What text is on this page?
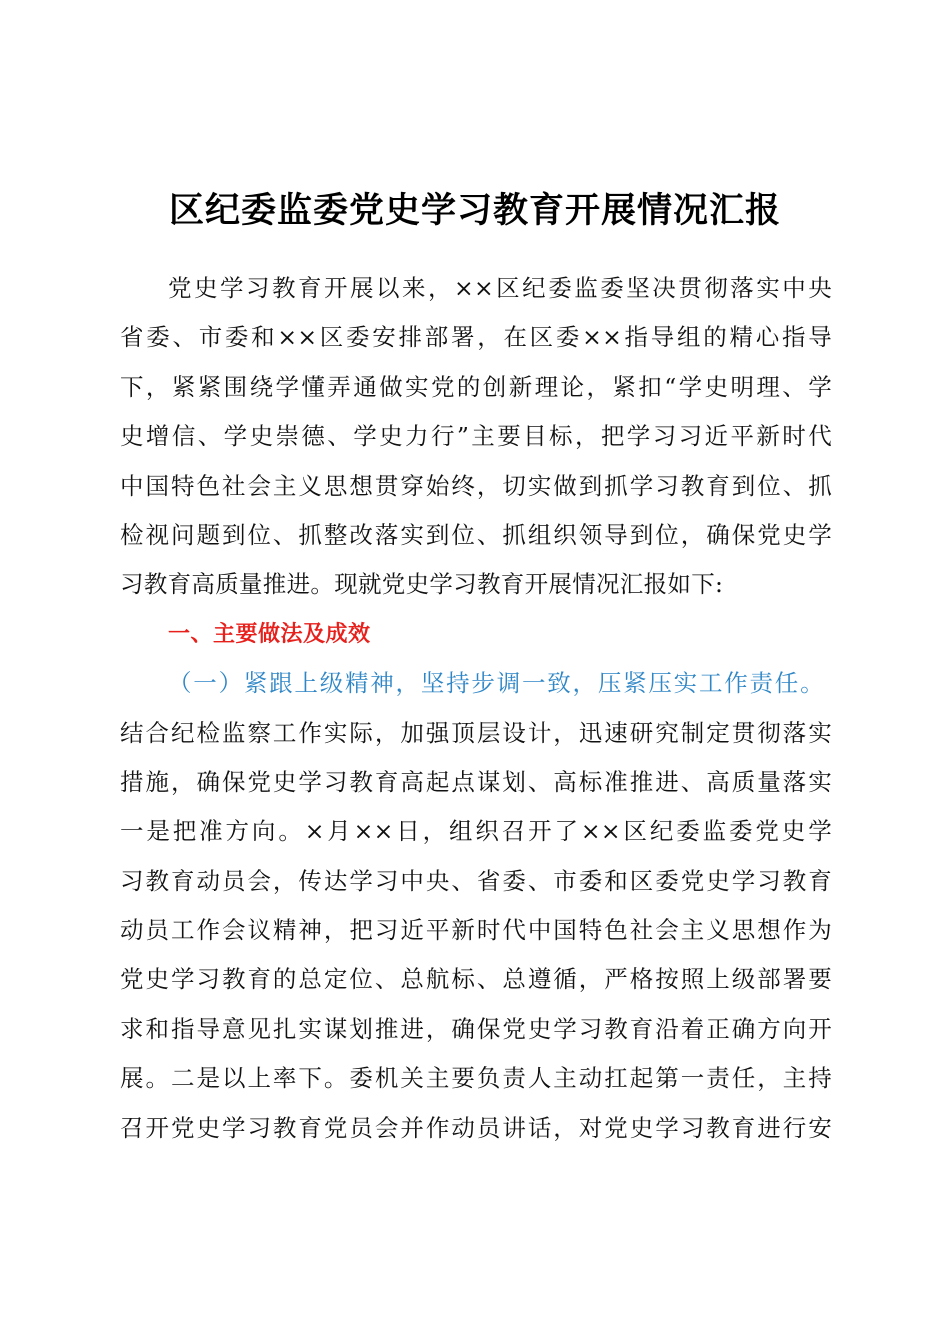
区纪委监委党史学习教育开展情况汇报
党史学习教育开展以来，××区纪委监委坚决贯彻落实中央
省委、市委和××区委安排部署，在区委××指导组的精心指导
下，紧紧围绕学懂弄通做实党的创新理论，紧扣“学史明理、学
史增信、学史崇德、学史力行”主要目标，把学习习近平新时代
中国特色社会主义思想贯穿始终，切实做到抓学习教育到位、抓
检视问题到位、抓整改落实到位、抓组织领导到位，确保党史学
习教育高质量推进。现就党史学习教育开展情况汇报如下:
一、主要做法及成效
（一）紧跟上级精神，坚持步调一致，压紧压实工作责任。
结合纪检监察工作实际，加强顶层设计，迅速研究制定贯彻落实
措施，确保党史学习教育高起点谋划、高标准推进、高质量落实
一是把准方向。×月××日，组织召开了××区纪委监委党史学
习教育动员会，传达学习中央、省委、市委和区委党史学习教育
动员工作会议精神，把习近平新时代中国特色社会主义思想作为
党史学习教育的总定位、总航标、总遵循，严格按照上级部署要
求和指导意见扎实谋划推进，确保党史学习教育沿着正确方向开
展。二是以上率下。委机关主要负责人主动扛起第一责任，主持
召开党史学习教育党员会并作动员讲话，对党史学习教育进行安
